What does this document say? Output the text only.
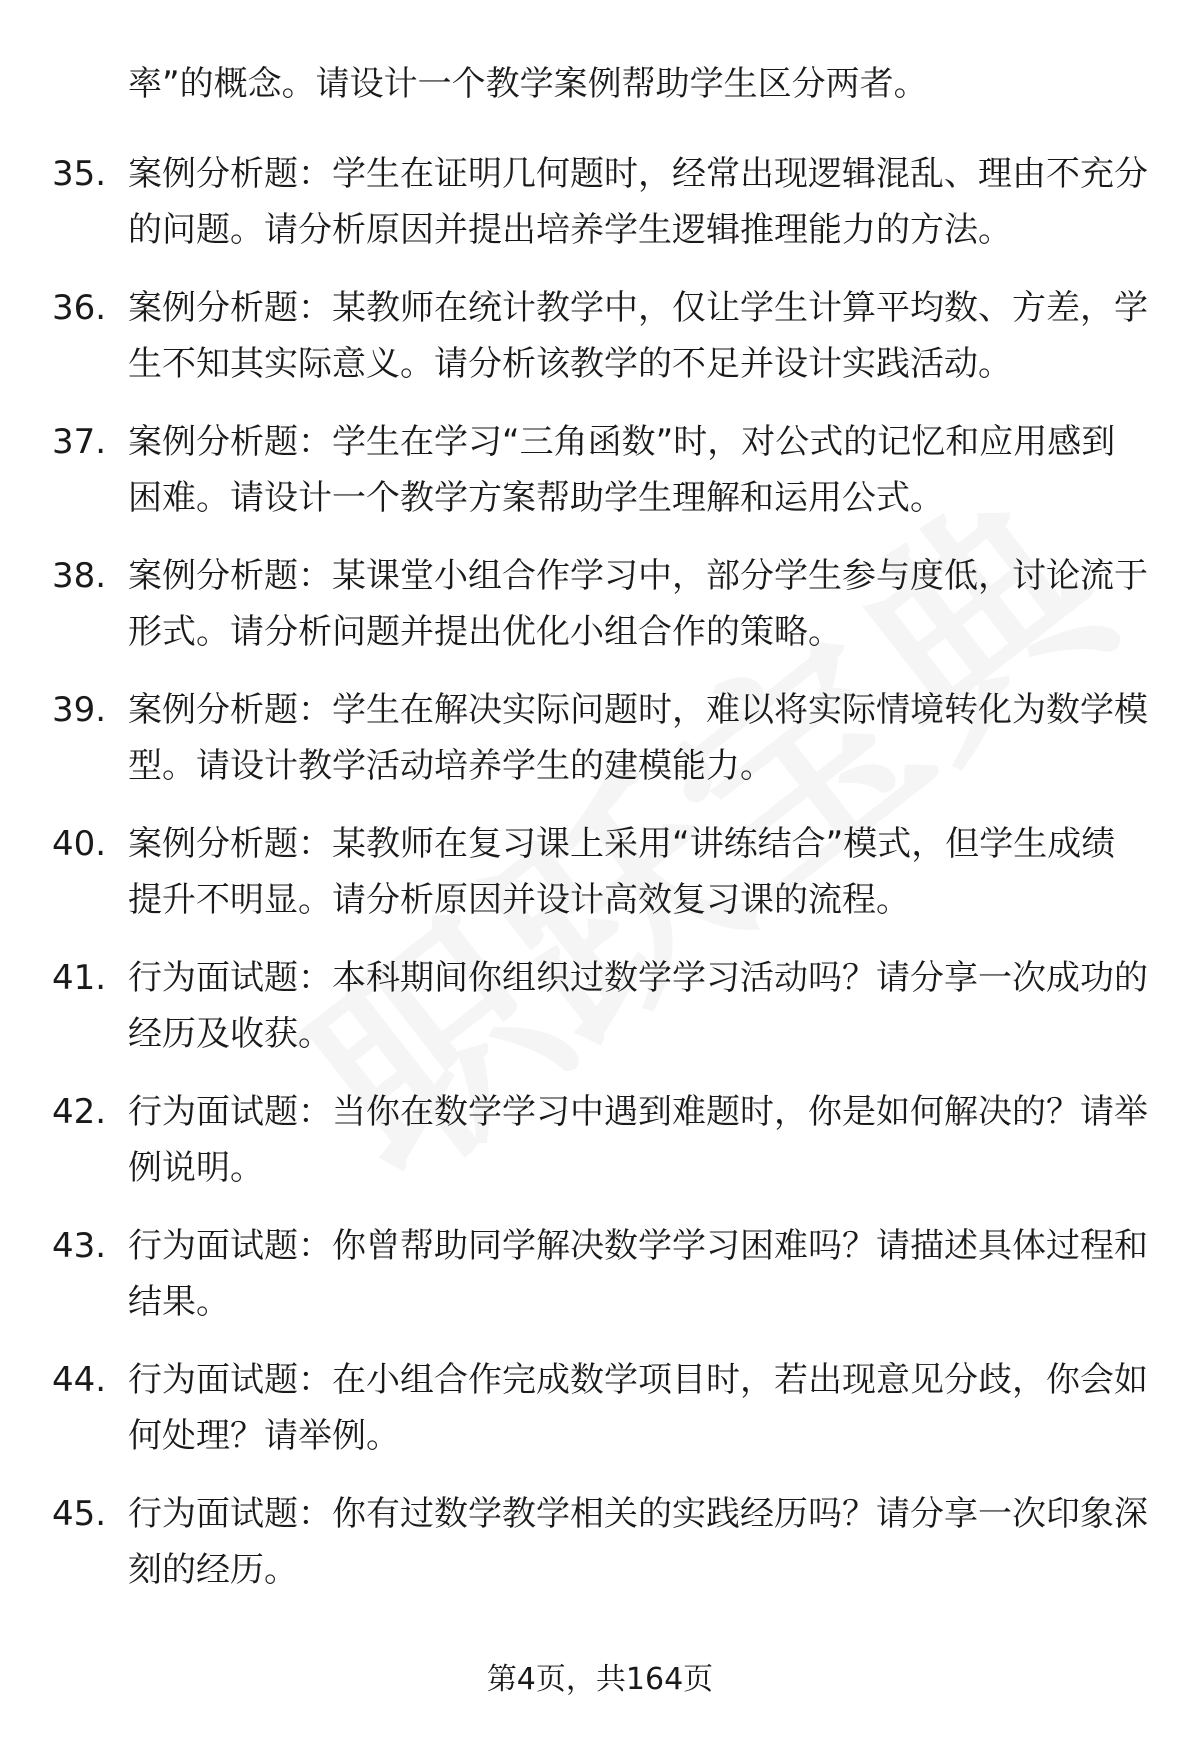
率”的概念。请设计一个教学案例帮助学生区分两者。
35. 案例分析题：学生在证明几何题时，经常出现逻辑混乱、理由不充分的问题。请分析原因并提出培养学生逻辑推理能力的方法。
36. 案例分析题：某教师在统计教学中，仅让学生计算平均数、方差，学生不知其实际意义。请分析该教学的不足并设计实践活动。
37. 案例分析题：学生在学习“三角函数”时，对公式的记忆和应用感到困难。请设计一个教学方案帮助学生理解和运用公式。
38. 案例分析题：某课堂小组合作学习中，部分学生参与度低，讨论流于形式。请分析问题并提出优化小组合作的策略。
39. 案例分析题：学生在解决实际问题时，难以将实际情境转化为数学模型。请设计教学活动培养学生的建模能力。
40. 案例分析题：某教师在复习课上采用“讲练结合”模式，但学生成绩提升不明显。请分析原因并设计高效复习课的流程。
41. 行为面试题：本科期间你组织过数学学习活动吗？请分享一次成功的经历及收获。
42. 行为面试题：当你在数学学习中遇到难题时，你是如何解决的？请举例说明。
43. 行为面试题：你曾帮助同学解决数学学习困难吗？请描述具体过程和结果。
44. 行为面试题：在小组合作完成数学项目时，若出现意见分歧，你会如何处理？请举例。
45. 行为面试题：你有过数学教学相关的实践经历吗？请分享一次印象深刻的经历。
第4页，共164页
